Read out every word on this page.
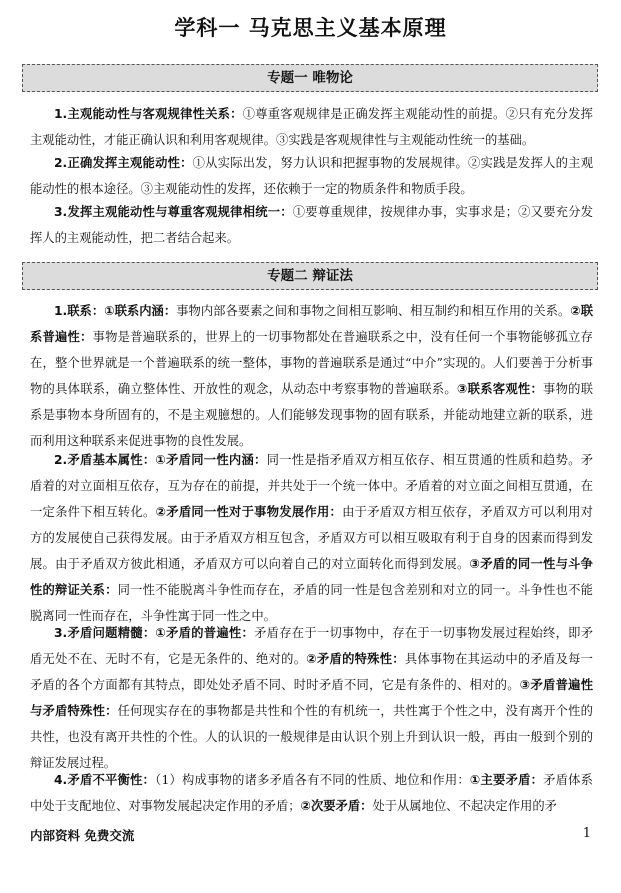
学科一 马克思主义基本原理
专题一 唯物论
1.主观能动性与客观规律性关系：①尊重客观规律是正确发挥主观能动性的前提。②只有充分发挥主观能动性，才能正确认识和利用客观规律。③实践是客观规律性与主观能动性统一的基础。
2.正确发挥主观能动性：①从实际出发，努力认识和把握事物的发展规律。②实践是发挥人的主观能动性的根本途径。③主观能动性的发挥，还依赖于一定的物质条件和物质手段。
3.发挥主观能动性与尊重客观规律相统一：①要尊重规律，按规律办事，实事求是；②又要充分发挥人的主观能动性，把二者结合起来。
专题二 辩证法
1.联系：①联系内涵：事物内部各要素之间和事物之间相互影响、相互制约和相互作用的关系。②联系普遍性：事物是普遍联系的，世界上的一切事物都处在普遍联系之中，没有任何一个事物能够孤立存在，整个世界就是一个普遍联系的统一整体，事物的普遍联系是通过“中介”实现的。人们要善于分析事物的具体联系，确立整体性、开放性的观念，从动态中考察事物的普遍联系。③联系客观性：事物的联系是事物本身所固有的，不是主观臆想的。人们能够发现事物的固有联系，并能动地建立新的联系，进而利用这种联系来促进事物的良性发展。
2.矛盾基本属性：①矛盾同一性内涵：同一性是指矛盾双方相互依存、相互贯通的性质和趋势。矛盾着的对立面相互依存，互为存在的前提，并共处于一个统一体中。矛盾着的对立面之间相互贯通，在一定条件下相互转化。②矛盾同一性对于事物发展作用：由于矛盾双方相互依存，矛盾双方可以利用对方的发展使自己获得发展。由于矛盾双方相互包含，矛盾双方可以相互吸取有利于自身的因素而得到发展。由于矛盾双方彼此相通，矛盾双方可以向着自己的对立面转化而得到发展。③矛盾的同一性与斗争性的辩证关系：同一性不能脱离斗争性而存在，矛盾的同一性是包含差别和对立的同一。斗争性也不能脱离同一性而存在，斗争性寓于同一性之中。
3.矛盾问题精髓：①矛盾的普遍性：矛盾存在于一切事物中，存在于一切事物发展过程始终，即矛盾无处不在、无时不有，它是无条件的、绝对的。②矛盾的特殊性：具体事物在其运动中的矛盾及每一矛盾的各个方面都有其特点，即处处矛盾不同、时时矛盾不同，它是有条件的、相对的。③矛盾普遍性与矛盾特殊性：任何现实存在的事物都是共性和个性的有机统一，共性寓于个性之中，没有离开个性的共性，也没有离开共性的个性。人的认识的一般规律是由认识个别上升到认识一般，再由一般到个别的辩证发展过程。
4.矛盾不平衡性：（1）构成事物的诸多矛盾各有不同的性质、地位和作用：①主要矛盾：矛盾体系中处于支配地位、对事物发展起决定作用的矛盾；②次要矛盾：处于从属地位、不起决定作用的矛
内部资料 免费交流	1
